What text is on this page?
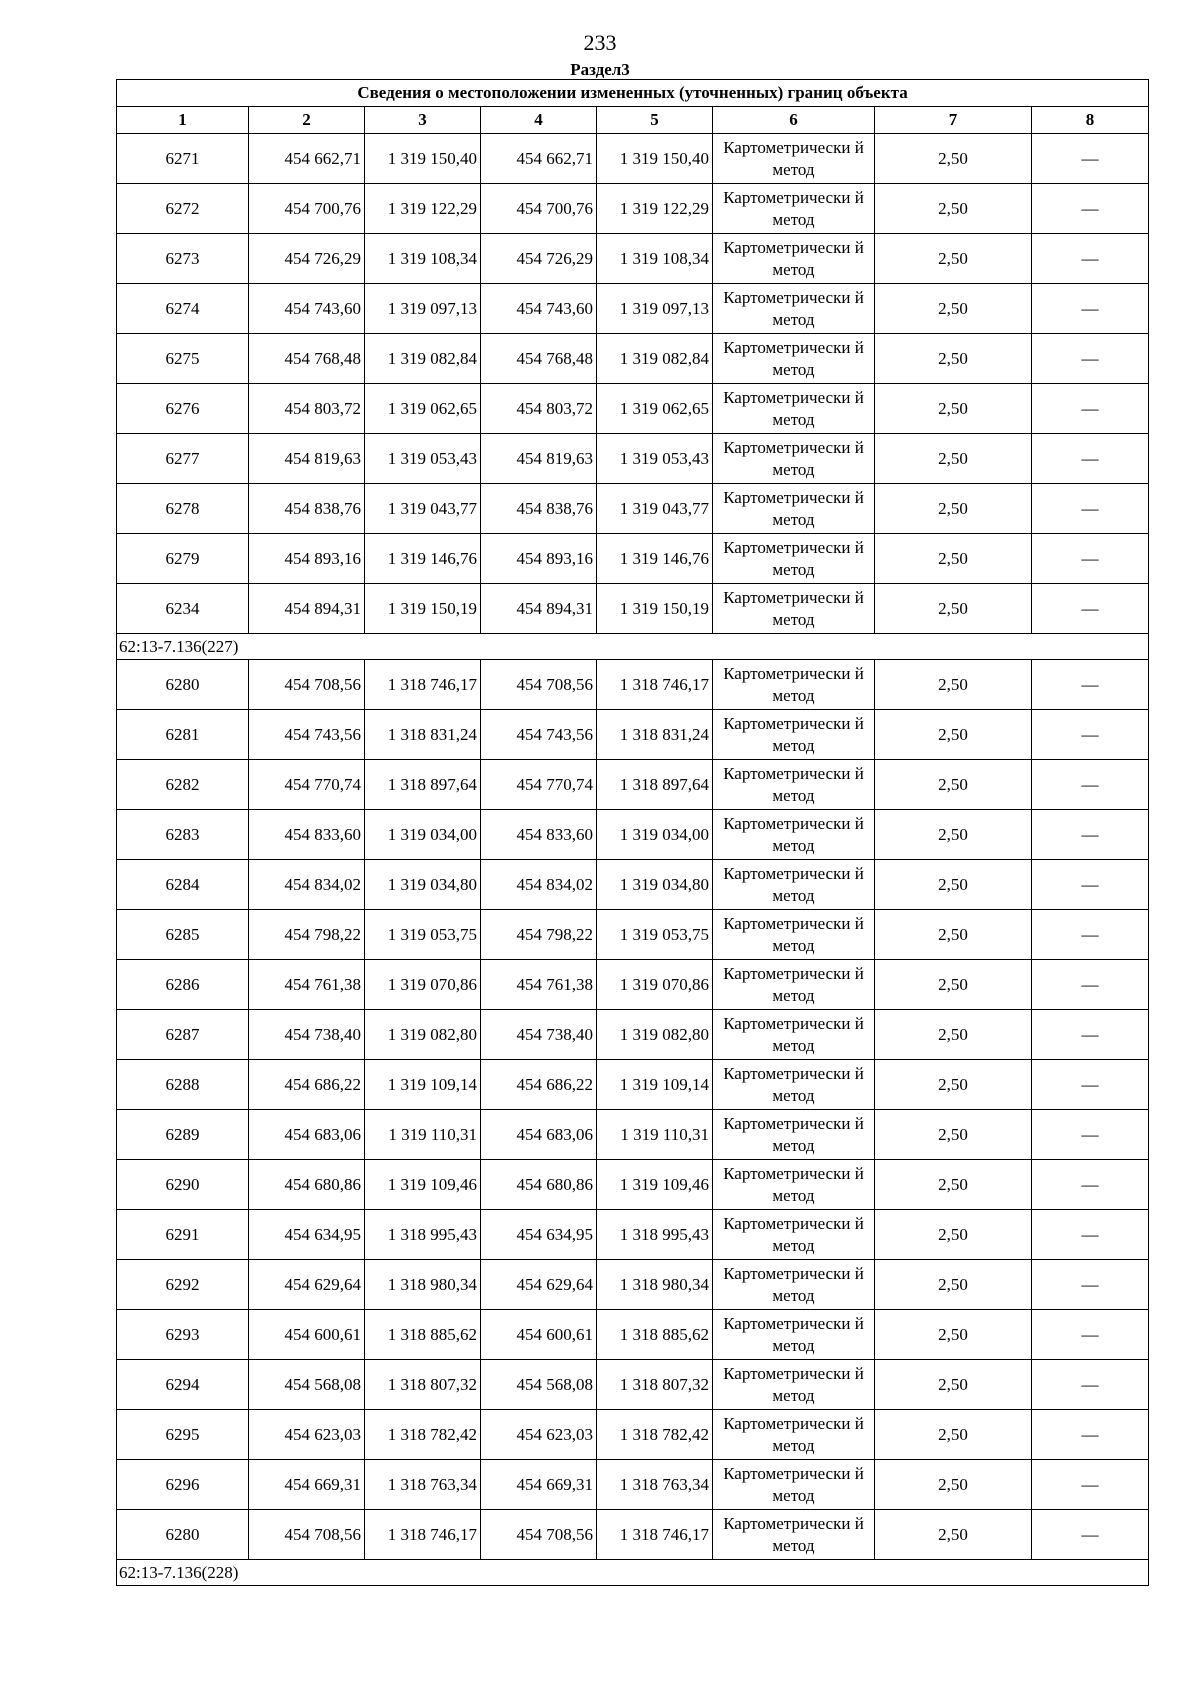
233
Раздел3
Сведения о местоположении измененных (уточненных) границ объекта							
1	2	3	4	5	6	7	8
6271	454 662,71	1 319 150,40	454 662,71	1 319 150,40	Картометрически й метод	2,50	—
6272	454 700,76	1 319 122,29	454 700,76	1 319 122,29	Картометрически й метод	2,50	—
6273	454 726,29	1 319 108,34	454 726,29	1 319 108,34	Картометрически й метод	2,50	—
6274	454 743,60	1 319 097,13	454 743,60	1 319 097,13	Картометрически й метод	2,50	—
6275	454 768,48	1 319 082,84	454 768,48	1 319 082,84	Картометрически й метод	2,50	—
6276	454 803,72	1 319 062,65	454 803,72	1 319 062,65	Картометрически й метод	2,50	—
6277	454 819,63	1 319 053,43	454 819,63	1 319 053,43	Картометрически й метод	2,50	—
6278	454 838,76	1 319 043,77	454 838,76	1 319 043,77	Картометрически й метод	2,50	—
6279	454 893,16	1 319 146,76	454 893,16	1 319 146,76	Картометрически й метод	2,50	—
6234	454 894,31	1 319 150,19	454 894,31	1 319 150,19	Картометрически й метод	2,50	—
62:13-7.136(227)							
6280	454 708,56	1 318 746,17	454 708,56	1 318 746,17	Картометрически й метод	2,50	—
6281	454 743,56	1 318 831,24	454 743,56	1 318 831,24	Картометрически й метод	2,50	—
6282	454 770,74	1 318 897,64	454 770,74	1 318 897,64	Картометрически й метод	2,50	—
6283	454 833,60	1 319 034,00	454 833,60	1 319 034,00	Картометрически й метод	2,50	—
6284	454 834,02	1 319 034,80	454 834,02	1 319 034,80	Картометрически й метод	2,50	—
6285	454 798,22	1 319 053,75	454 798,22	1 319 053,75	Картометрически й метод	2,50	—
6286	454 761,38	1 319 070,86	454 761,38	1 319 070,86	Картометрически й метод	2,50	—
6287	454 738,40	1 319 082,80	454 738,40	1 319 082,80	Картометрически й метод	2,50	—
6288	454 686,22	1 319 109,14	454 686,22	1 319 109,14	Картометрически й метод	2,50	—
6289	454 683,06	1 319 110,31	454 683,06	1 319 110,31	Картометрически й метод	2,50	—
6290	454 680,86	1 319 109,46	454 680,86	1 319 109,46	Картометрически й метод	2,50	—
6291	454 634,95	1 318 995,43	454 634,95	1 318 995,43	Картометрически й метод	2,50	—
6292	454 629,64	1 318 980,34	454 629,64	1 318 980,34	Картометрически й метод	2,50	—
6293	454 600,61	1 318 885,62	454 600,61	1 318 885,62	Картометрически й метод	2,50	—
6294	454 568,08	1 318 807,32	454 568,08	1 318 807,32	Картометрически й метод	2,50	—
6295	454 623,03	1 318 782,42	454 623,03	1 318 782,42	Картометрически й метод	2,50	—
6296	454 669,31	1 318 763,34	454 669,31	1 318 763,34	Картометрически й метод	2,50	—
6280	454 708,56	1 318 746,17	454 708,56	1 318 746,17	Картометрически й метод	2,50	—
62:13-7.136(228)							
